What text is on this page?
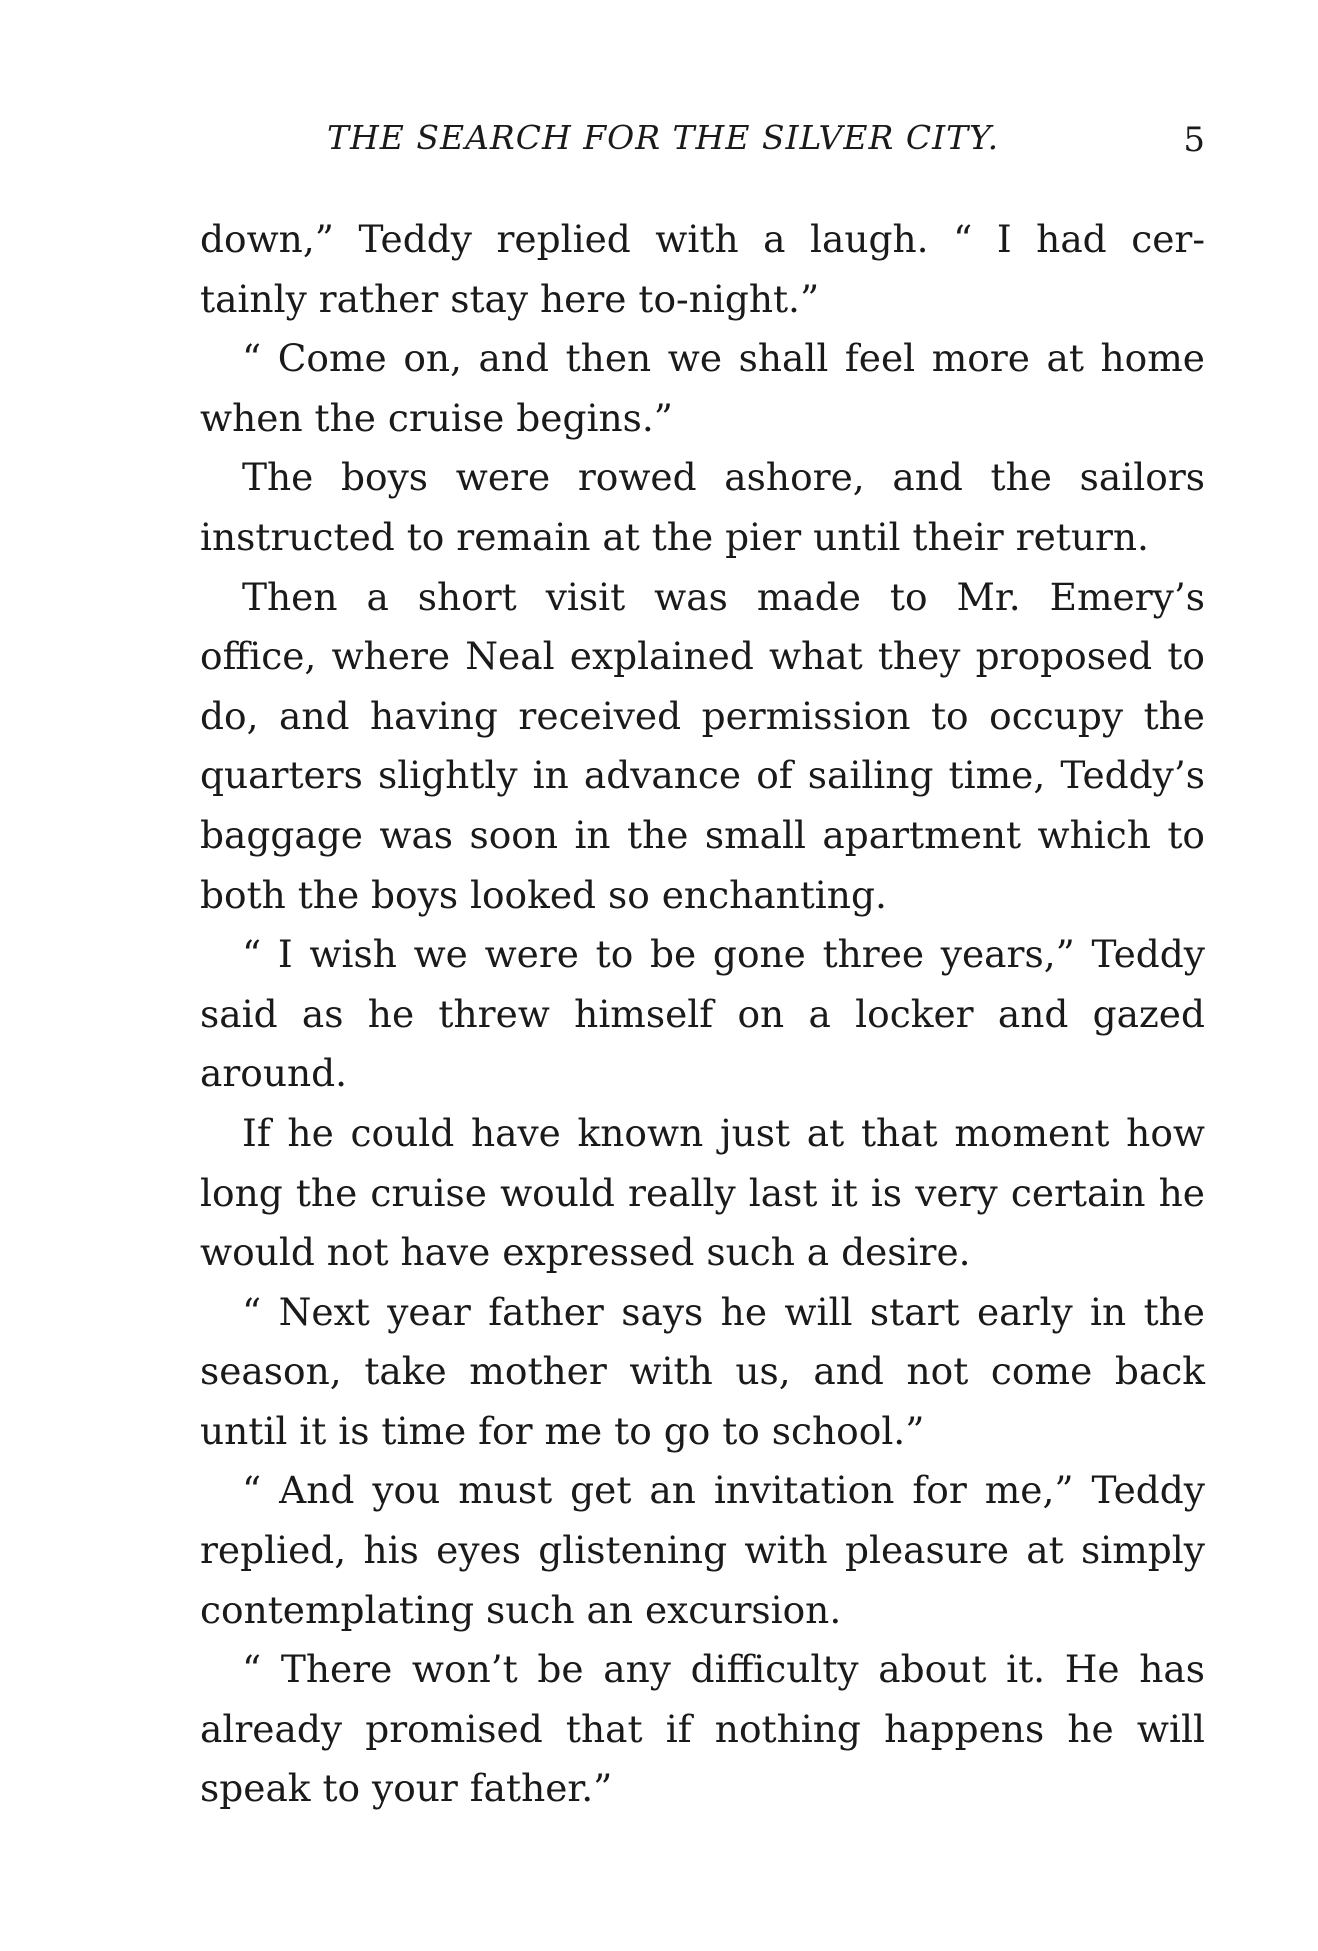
THE SEARCH FOR THE SILVER CITY.	5

down,” Teddy replied with a laugh. “ I had cer-
tainly rather stay here to-night.”

“ Come on, and then we shall feel more at home
when the cruise begins.”

The boys were rowed ashore, and the sailors
instructed to remain at the pier until their return.

Then a short visit was made to Mr. Emery’s
office, where Neal explained what they proposed to
do, and having received permission to occupy the
quarters slightly in advance of sailing time, Teddy’s
baggage was soon in the small apartment which to
both the boys looked so enchanting.

“ I wish we were to be gone three years,” Teddy
said as he threw himself on a locker and gazed
around.

If he could have known just at that moment how
long the cruise would really last it is very certain he
would not have expressed such a desire.

“ Next year father says he will start early in the
season, take mother with us, and not come back
until it is time for me to go to school.”

“ And you must get an invitation for me,” Teddy
replied, his eyes glistening with pleasure at simply
contemplating such an excursion.

“ There won’t be any difficulty about it. He has
already promised that if nothing happens he will
speak to your father.”
